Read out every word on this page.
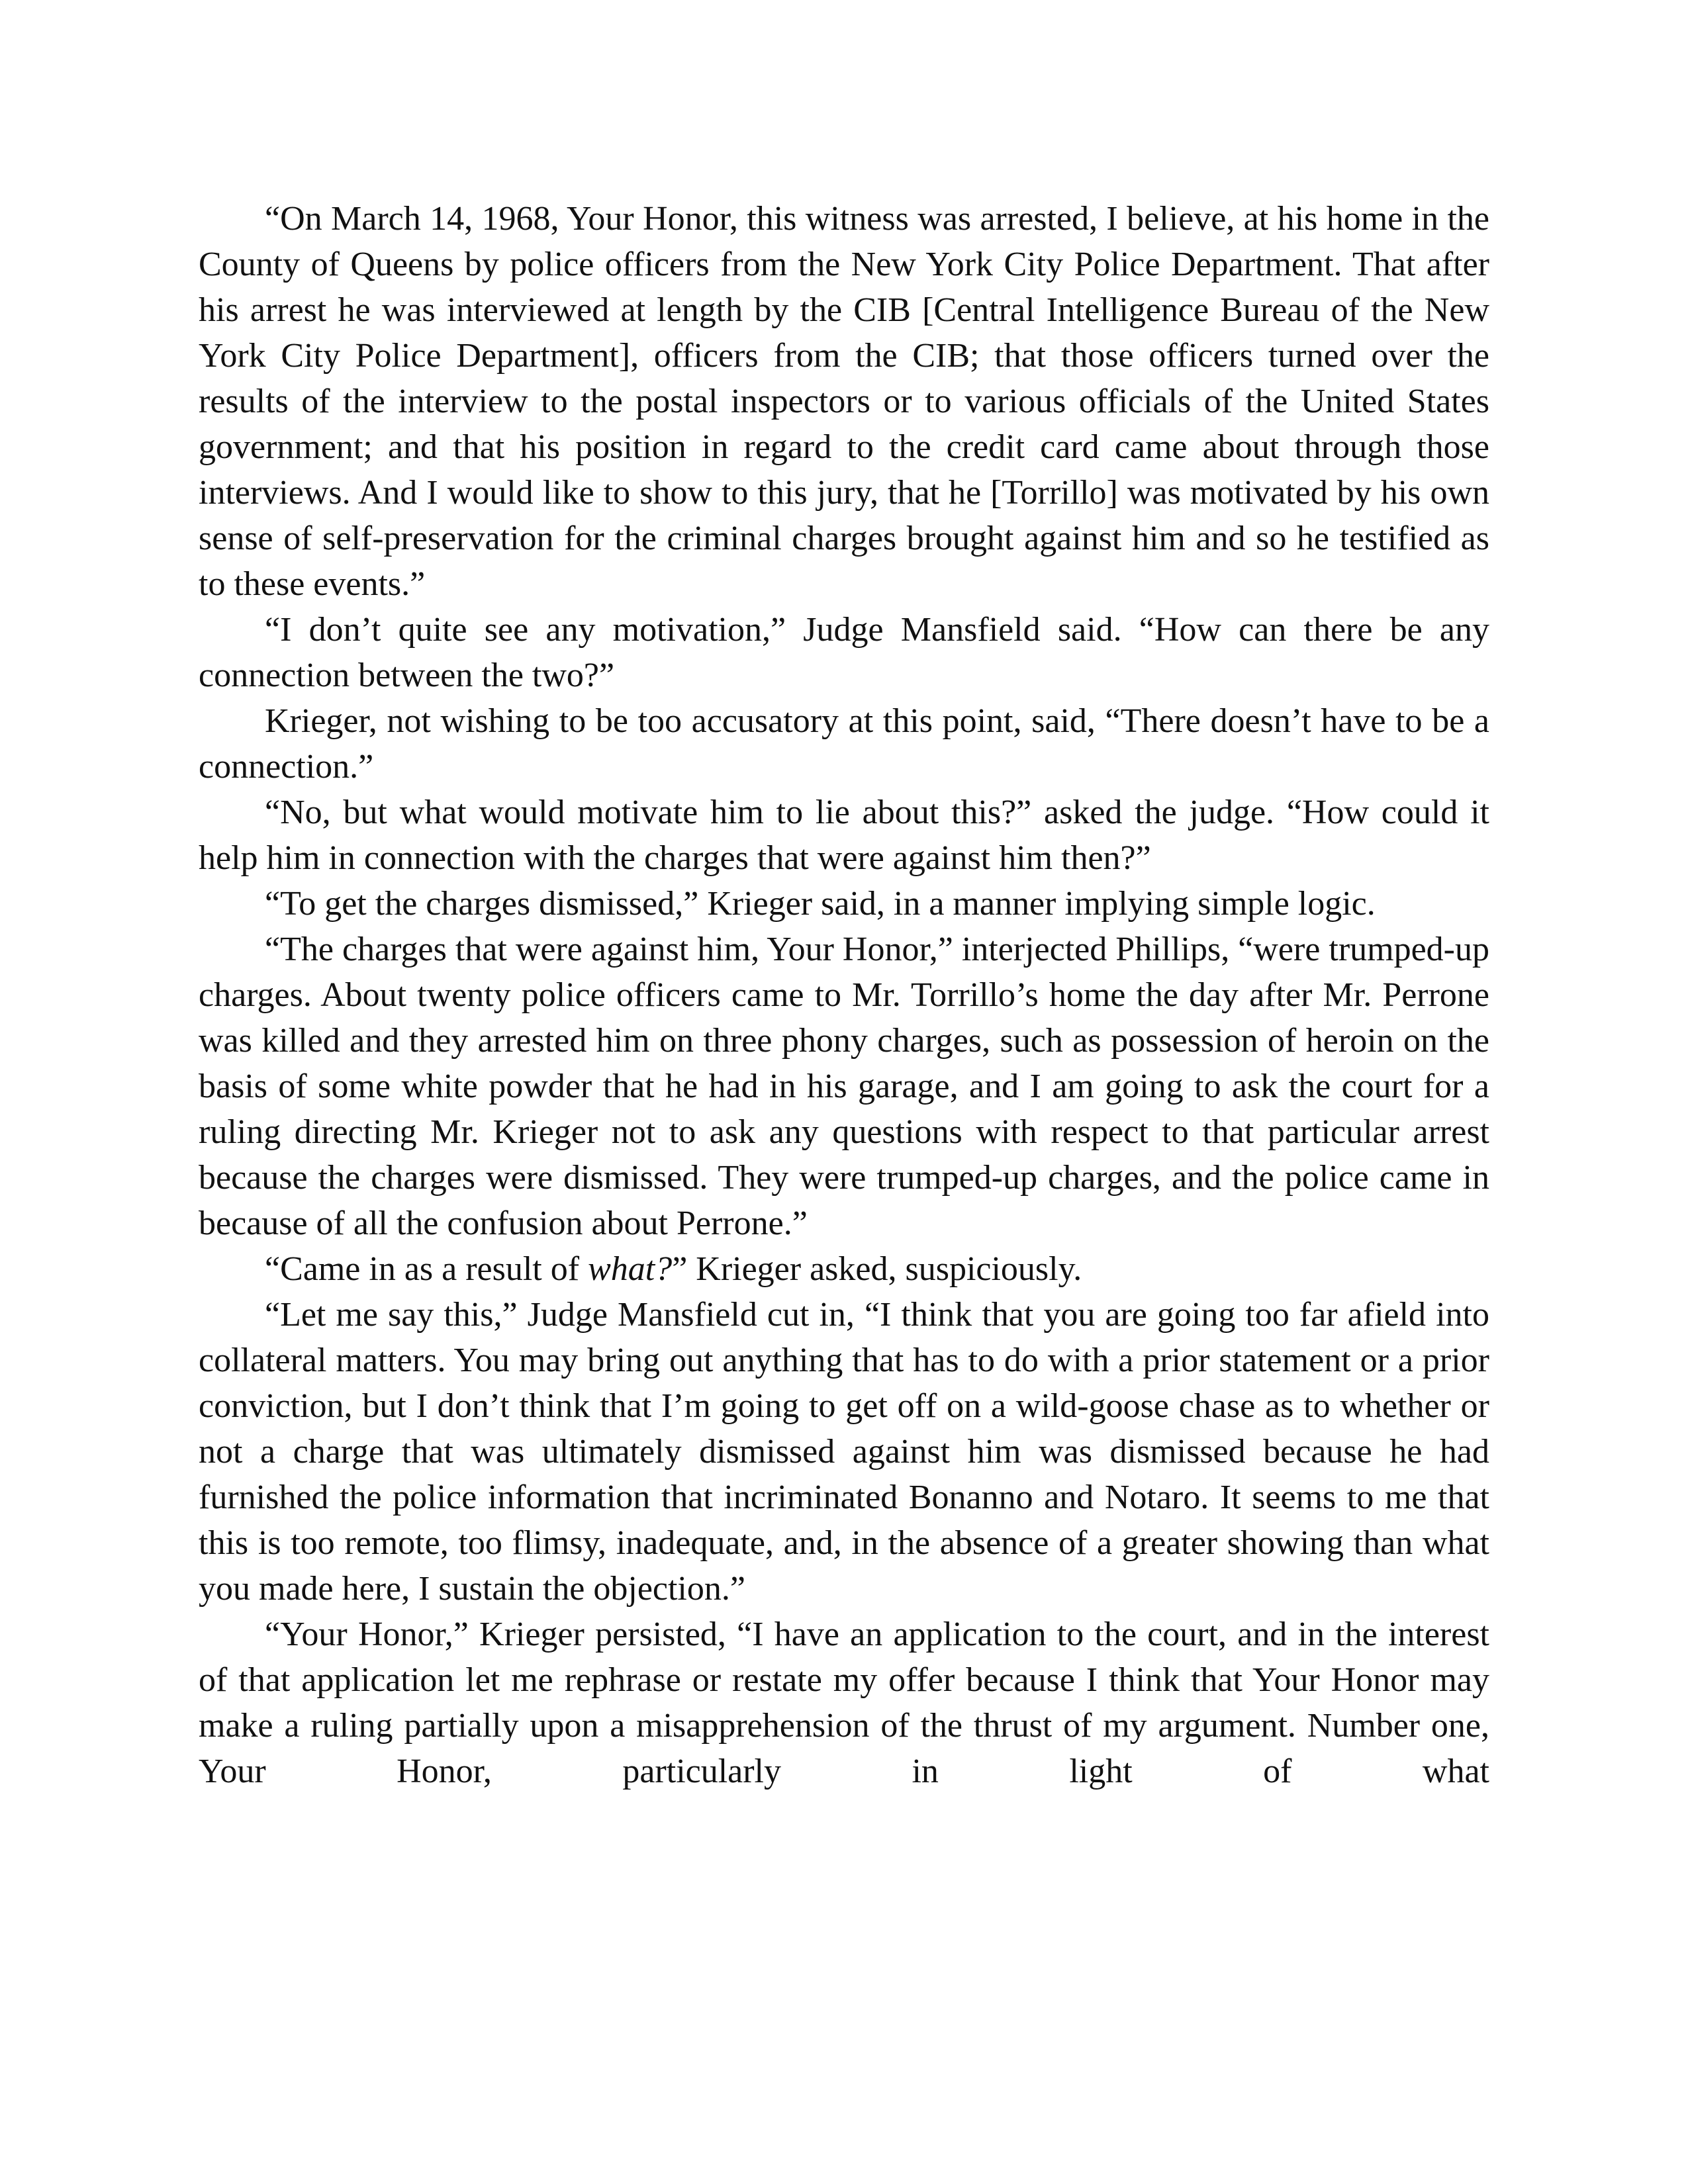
“On March 14, 1968, Your Honor, this witness was arrested, I believe, at his home in the County of Queens by police officers from the New York City Police Department. That after his arrest he was interviewed at length by the CIB [Central Intelligence Bureau of the New York City Police Department], officers from the CIB; that those officers turned over the results of the interview to the postal inspectors or to various officials of the United States government; and that his position in regard to the credit card came about through those interviews. And I would like to show to this jury, that he [Torrillo] was motivated by his own sense of self-preservation for the criminal charges brought against him and so he testified as to these events.”

“I don’t quite see any motivation,” Judge Mansfield said. “How can there be any connection between the two?”

Krieger, not wishing to be too accusatory at this point, said, “There doesn’t have to be a connection.”

“No, but what would motivate him to lie about this?” asked the judge. “How could it help him in connection with the charges that were against him then?”

“To get the charges dismissed,” Krieger said, in a manner implying simple logic.

“The charges that were against him, Your Honor,” interjected Phillips, “were trumped-up charges. About twenty police officers came to Mr. Torrillo’s home the day after Mr. Perrone was killed and they arrested him on three phony charges, such as possession of heroin on the basis of some white powder that he had in his garage, and I am going to ask the court for a ruling directing Mr. Krieger not to ask any questions with respect to that particular arrest because the charges were dismissed. They were trumped-up charges, and the police came in because of all the confusion about Perrone.”

“Came in as a result of what?” Krieger asked, suspiciously.

“Let me say this,” Judge Mansfield cut in, “I think that you are going too far afield into collateral matters. You may bring out anything that has to do with a prior statement or a prior conviction, but I don’t think that I’m going to get off on a wild-goose chase as to whether or not a charge that was ultimately dismissed against him was dismissed because he had furnished the police information that incriminated Bonanno and Notaro. It seems to me that this is too remote, too flimsy, inadequate, and, in the absence of a greater showing than what you made here, I sustain the objection.”

“Your Honor,” Krieger persisted, “I have an application to the court, and in the interest of that application let me rephrase or restate my offer because I think that Your Honor may make a ruling partially upon a misapprehension of the thrust of my argument. Number one, Your Honor, particularly in light of what
